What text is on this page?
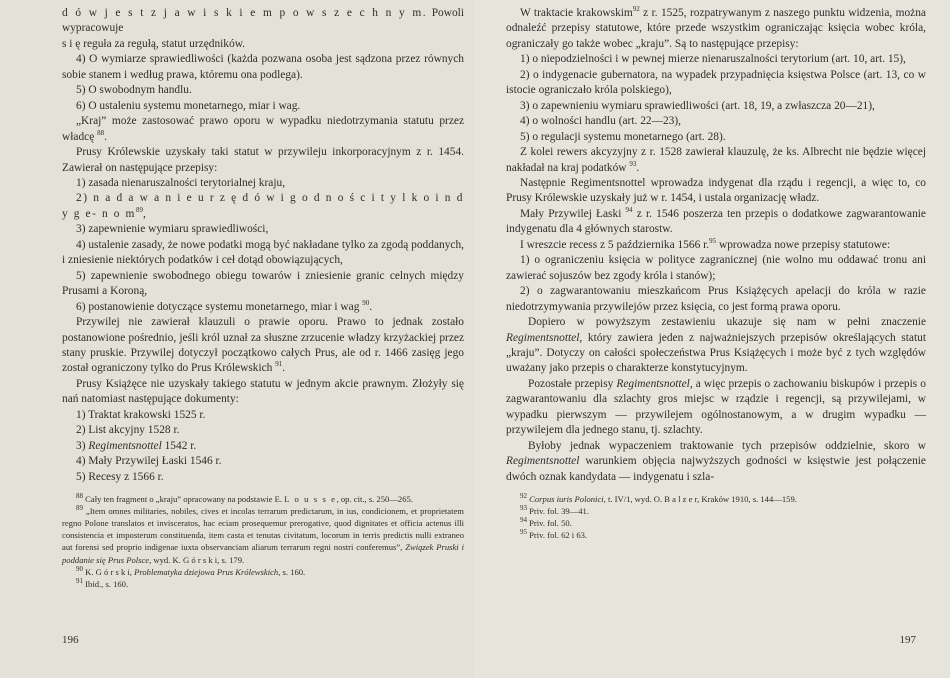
d ó w j e s t z j a w i s k i e m p o w s z e c h n y m. Powoli wypracowuje

s i ę reguła za regułą, statut urzędników.

4) O wymiarze sprawiedliwości (każda pozwana osoba jest sądzona przez równych sobie stanem i według prawa, któremu ona podlega).

5) O swobodnym handlu.

6) O ustaleniu systemu monetarnego, miar i wag.

„Kraj” może zastosować prawo oporu w wypadku niedotrzymania statutu przez władcę $^{88}$.

Prusy Królewskie uzyskały taki statut w przywileju inkorporacyjnym z r. 1454. Zawierał on następujące przepisy:

1) zasada nienaruszalności terytorialnej kraju,

2) n a d a w a n i e u r z ę d ó w i g o d n o ś c i t y l k o i n d y g e- n o $m^{89}$,

3) zapewnienie wymiaru sprawiedliwości,

4) ustalenie zasady, że nowe podatki mogą być nakładane tylko za zgodą poddanych, i zniesienie niektórych podatków i ceł dotąd obowiązujących,

5) zapewnienie swobodnego obiegu towarów i zniesienie granic celnych między Prusami a Koroną,

6) postanowienie dotyczące systemu monetarnego, miar i wag $^{90}$.

Przywilej nie zawierał klauzuli o prawie oporu. Prawo to jednak zostało postanowione pośrednio, jeśli król uznał za słuszne zrzucenie władzy krzyżackiej przez stany pruskie. Przywilej dotyczył początkowo całych Prus, ale od r. 1466 zasięg jego został ograniczony tylko do Prus Królewskich $^{91}$.

Prusy Książęce nie uzyskały takiego statutu w jednym akcie prawnym. Złożyły się nań natomiast następujące dokumenty:

1) Traktat krakowski 1525 r.

2) List akcyjny 1528 r.

3) Regimentsnottel 1542 r.

4) Mały Przywilej Łaski 1546 r.

5) Recesy z 1566 r.

$^{88}$ Cały ten fragment o „kraju” opracowany na podstawie E. L o u s s e, op. cit., s. 250—265.

$^{89}$ „Item omnes militaries, nobiles, cives et incolas terrarum predictarum, in ius, condicionem, et proprietatem regno Polone translatos et invisceratos, hac eciam prosequemur prerogative, quod dignitates et officia actenus illi consistencia et imposterum constituenda, item casta et tenutas civitatum, locorum in terris predictis nulli extraneo aut forensi sed proprio indigenae iuxta observanciam aliarum terrarum regni nostri conferemus”, Związek Pruski i poddanie się Prus Polsce, wyd. K. G ó r s k i, s. 179.

$^{90}$ K. G ó r s k i, Problematyka dziejowa Prus Królewskich, s. 160.

$^{91}$ Ibid., s. 160.

196

W traktacie krakowskim$^{92}$ z r. 1525, rozpatrywanym z naszego punktu widzenia, można odnaleźć przepisy statutowe, które przede wszystkim ograniczając księcia wobec króla, ograniczały go także wobec „kraju”. Są to następujące przepisy:

1) o niepodzielności i w pewnej mierze nienaruszalności terytorium (art. 10, art. 15),

2) o indygenacie gubernatora, na wypadek przypadnięcia księstwa Polsce (art. 13, co w istocie ograniczało króla polskiego),

3) o zapewnieniu wymiaru sprawiedliwości (art. 18, 19, a zwłaszcza 20—21),

4) o wolności handlu (art. 22—23),

5) o regulacji systemu monetarnego (art. 28).

Z kolei rewers akcyzyjny z r. 1528 zawierał klauzulę, że ks. Albrecht nie będzie więcej nakładał na kraj podatków $^{93}$.

Następnie Regimentsnottel wprowadza indygenat dla rządu i regencji, a więc to, co Prusy Królewskie uzyskały już w r. 1454, i ustala organizację władz.

Mały Przywilej Łaski $^{94}$ z r. 1546 poszerza ten przepis o dodatkowe zagwarantowanie indygenatu dla 4 głównych starostw.

I wreszcie recess z 5 października 1566 r.$^{95}$ wprowadza nowe przepisy statutowe:

1) o ograniczeniu księcia w polityce zagranicznej (nie wolno mu oddawać tronu ani zawierać sojuszów bez zgody króla i stanów);

2) o zagwarantowaniu mieszkańcom Prus Książęcych apelacji do króla w razie niedotrzymywania przywilejów przez księcia, co jest formą prawa oporu.

Dopiero w powyższym zestawieniu ukazuje się nam w pełni znaczenie Regimentsnottel, który zawiera jeden z najważniejszych przepisów określających statut „kraju”. Dotyczy on całości społeczeństwa Prus Książęcych i może być z tych względów uważany jako przepis o charakterze konstytucyjnym.

Pozostałe przepisy Regimentsnottel, a więc przepis o zachowaniu biskupów i przepis o zagwarantowaniu dla szlachty gros miejsc w rządzie i regencji, są przywilejami, w wypadku pierwszym — przywilejem ogólnostanowym, a w drugim wypadku — przywilejem dla jednego stanu, tj. szlachty.

Byłoby jednak wypaczeniem traktowanie tych przepisów oddzielnie, skoro w Regimentsnottel warunkiem objęcia najwyższych godności w księstwie jest połączenie dwóch oznak kandydata — indygenatu i szla-

$^{92}$ Corpus iuris Polonici, t. IV/1, wyd. O. B a l z e r, Kraków 1910, s. 144—159.

$^{93}$ Priv. fol. 39—41.

$^{94}$ Priv. fol. 50.

$^{95}$ Priv. fol. 62 i 63.

197
